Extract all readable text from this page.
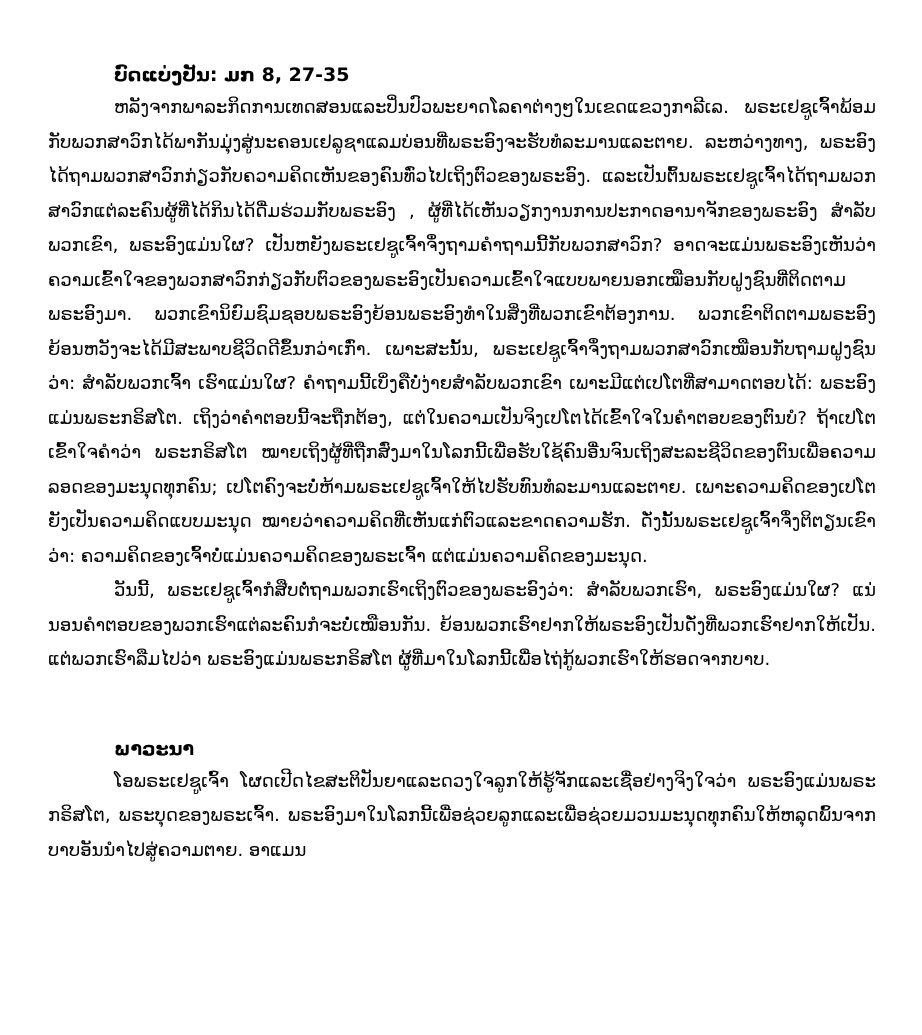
ບົດແບ່ງປັນ: ມກ 8, 27-35

ຫລັງຈາກພາລະກິດການເທດສອນແລະປິ່ນປົວພະຍາດໂລຄາຕ່າງໆໃນເຂດແຂວງກາລີເລ. ພຣະເຢຊູເຈົ້າພ້ອມກັບພວກສາວົກໄດ້ພາກັນມຸ່ງສູ່ນະຄອນເຢລູຊາແລມບ່ອນທີ່ພຣະອົງຈະຮັບທໍລະມານແລະຕາຍ. ລະຫວ່າງທາງ, ພຣະອົງໄດ້ຖາມພວກສາວົກກ່ຽວກັບຄວາມຄິດເຫັນຂອງຄົນທົ່ວໄປເຖິງຕົວຂອງພຣະອົງ. ແລະເປັນຕົ້ນພຣະເຢຊູເຈົ້າໄດ້ຖາມພວກສາວົກແຕ່ລະຄົນຜູ້ທີ່ໄດ້ກິນໄດ້ດື່ມຮ່ວມກັບພຣະອົງ , ຜູ້ທີ່ໄດ້ເຫັນວຽກງານການປະກາດອານາຈັກຂອງພຣະອົງ ສໍາລັບພວກເຂົາ, ພຣະອົງແມ່ນໃຜ? ເປັນຫຍັງພຣະເຢຊູເຈົ້າຈຶ່ງຖາມຄໍາຖາມນີ້ກັບພວກສາວົກ? ອາດຈະແມ່ນພຣະອົງເຫັນວ່າຄວາມເຂົ້າໃຈຂອງພວກສາວົກກ່ຽວກັບຕົວຂອງພຣະອົງເປັນຄວາມເຂົ້າໃຈແບບພາຍນອກເໝືອນກັບຝູງຊົນທີ່ຕິດຕາມພຣະອົງມາ. ພວກເຂົານິຍົມຊົມຊອບພຣະອົງຍ້ອນພຣະອົງທໍາໃນສິ່ງທີ່ພວກເຂົາຕ້ອງການ. ພວກເຂົາຕິດຕາມພຣະອົງຍ້ອນຫວັງຈະໄດ້ມີສະພາບຊີວິດດີຂຶ້ນກວ່າເກົ່າ. ເພາະສະນັ້ນ, ພຣະເຢຊູເຈົ້າຈຶ່ງຖາມພວກສາວົກເໝືອນກັບຖາມຝູງຊົນວ່າ: ສໍາລັບພວກເຈົ້າ ເຮົາແມ່ນໃຜ? ຄໍາຖາມນີ້ເບິ່ງຄືບໍ່ງ່າຍສໍາລັບພວກເຂົາ ເພາະມີແຕ່ເປໂຕທີ່ສາມາດຕອບໄດ້: ພຣະອົງແມ່ນພຣະກຣິສໂຕ. ເຖິງວ່າຄໍາຕອບນີ້ຈະຖືກຕ້ອງ, ແຕ່ໃນຄວາມເປັນຈິງເປໂຕໄດ້ເຂົ້າໃຈໃນຄໍາຕອບຂອງຕົນບໍ? ຖ້າເປໂຕເຂົ້າໃຈຄໍາວ່າ ພຣະກຣິສໂຕ ໝາຍເຖິງຜູ້ທີ່ຖືກສົ່ງມາໃນໂລກນີ້ເພື່ອຮັບໃຊ້ຄົນອື່ນຈົນເຖິງສະລະຊີວິດຂອງຕົນເພື່ອຄວາມລອດຂອງມະນຸດທຸກຄົນ; ເປໂຕຄົງຈະບໍ່ຫ້າມພຣະເຢຊູເຈົ້າໃຫ້ໄປຮັບທົນທໍລະມານແລະຕາຍ. ເພາະຄວາມຄິດຂອງເປໂຕຍັງເປັນຄວາມຄິດແບບມະນຸດ ໝາຍວ່າຄວາມຄິດທີ່ເຫັນແກ່ຕົວແລະຂາດຄວາມຮັກ. ດັ່ງນັ້ນພຣະເຢຊູເຈົ້າຈຶ່ງຕິຕຽນເຂົາວ່າ: ຄວາມຄິດຂອງເຈົ້າບໍ່ແມ່ນຄວາມຄິດຂອງພຣະເຈົ້າ ແຕ່ແມ່ນຄວາມຄິດຂອງມະນຸດ.

ວັນນີ້, ພຣະເຢຊູເຈົ້າກໍສືບຕໍ່ຖາມພວກເຮົາເຖິງຕົວຂອງພຣະອົງວ່າ: ສໍາລັບພວກເຮົາ, ພຣະອົງແມ່ນໃຜ? ແນ່ນອນຄໍາຕອບຂອງພວກເຮົາແຕ່ລະຄົນກໍຈະບໍ່ເໝືອນກັນ. ຍ້ອນພວກເຮົາຢາກໃຫ້ພຣະອົງເປັນດັ່ງທີ່ພວກເຮົາຢາກໃຫ້ເປັນ. ແຕ່ພວກເຮົາລືມໄປວ່າ ພຣະອົງແມ່ນພຣະກຣິສໂຕ ຜູ້ທີ່ມາໃນໂລກນີ້ເພື່ອໄຖ່ກູ້ພວກເຮົາໃຫ້ຮອດຈາກບາບ.

ພາວະນາ

ໂອພຣະເຢຊູເຈົ້າ ໂຜດເປີດໄຂສະຕິປັນຍາແລະດວງໃຈລູກໃຫ້ຮູ້ຈັກແລະເຊື່ອຢ່າງຈິງໃຈວ່າ ພຣະອົງແມ່ນພຣະກຣິສໂຕ, ພຣະບຸດຂອງພຣະເຈົ້າ. ພຣະອົງມາໃນໂລກນີ້ເພື່ອຊ່ວຍລູກແລະເພື່ອຊ່ວຍມວນມະນຸດທຸກຄົນໃຫ້ຫລຸດພົ້ນຈາກບາບອັນນໍາໄປສູ່ຄວາມຕາຍ. ອາແມນ
